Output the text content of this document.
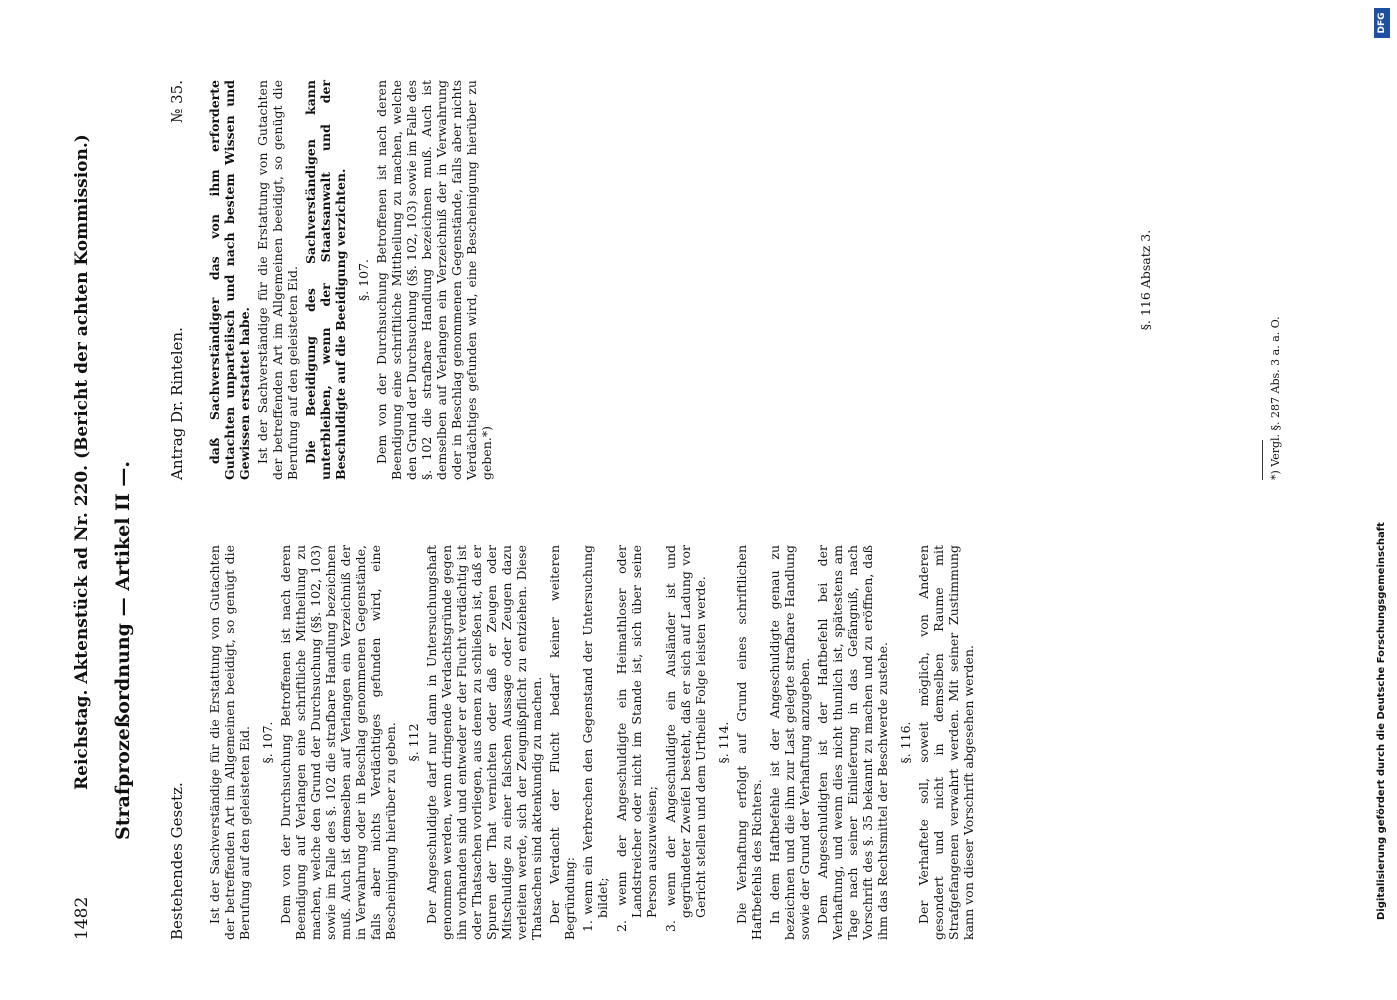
1482
Reichstag. Aktenstück ad Nr. 220. (Bericht der achten Kommission.) Strafprozeßordnung — Artikel II —.

Bestehendes Gesetz. Ist der Sachverständige für die Erstattung von Gutachten der betreffenden Art im Allgemeinen beeidigt, so genügt die Berufung auf den geleisteten Eid. §. 107. Dem von der Durchsuchung Betroffenen ist nach deren Beendigung auf Verlangen eine schriftliche Mittheilung zu machen, welche den Grund der Durchsuchung (§§. 102, 103) sowie im Falle des §. 102 die strafbare Handlung bezeichnen muß. Auch ist demselben auf Verlangen ein Verzeichniß der in Verwahrung oder in Beschlag genommenen Gegenstände, falls aber nichts Verdächtiges gefunden wird, eine Bescheinigung hierüber zu geben. §. 112 Der Angeschuldigte darf nur dann in Untersuchungshaft genommen werden, wenn dringende Verdachtsgründe gegen ihn vorhanden sind und entweder er der Flucht verdächtig ist oder Thatsachen vorliegen, aus denen zu schließen ist, daß er Spuren der That vernichten oder daß er Zeugen oder Mitschuldige zu einer falschen Aussage oder Zeugen dazu verleiten werde, sich der Zeugnißpflicht zu entziehen. Diese Thatsachen sind aktenkundig zu machen. Der Verdacht der Flucht bedarf keiner weiteren Begründung: 1. wenn ein Verbrechen den Gegenstand der Untersuchung bildet; 2. wenn der Angeschuldigte ein Heimathloser oder Landstreicher oder nicht im Stande ist, sich über seine Person auszuweisen; 3. wenn der Angeschuldigte ein Ausländer ist und gegründeter Zweifel besteht, daß er sich auf Ladung vor Gericht stellen und dem Urtheile Folge leisten werde. §. 114. Die Verhaftung erfolgt auf Grund eines schriftlichen Haftbefehls des Richters. In dem Haftbefehle ist der Angeschuldigte genau zu bezeichnen und die ihm zur Last gelegte strafbare Handlung sowie der Grund der Verhaftung anzugeben. Dem Angeschuldigten ist der Haftbefehl bei der Verhaftung, und wenn dies nicht thunlich ist, spätestens am Tage nach seiner Einlieferung in das Gefängniß, nach Vorschrift des §. 35 bekannt zu machen und zu eröffnen, daß ihm das Rechtsmittel der Beschwerde zustehe. §. 116. Der Verhaftete soll, soweit möglich, von Anderen gesondert und nicht in demselben Raume mit Strafgefangenen verwahrt werden. Mit seiner Zustimmung kann von dieser Vorschrift abgesehen werden.

Antrag Dr. Rintelen.
№ 35. daß Sachverständiger das von ihm erforderte Gutachten unparteiisch und nach bestem Wissen und Gewissen erstattet habe. Ist der Sachverständige für die Erstattung von Gutachten der betreffenden Art im Allgemeinen beeidigt, so genügt die Berufung auf den geleisteten Eid. Die Beeidigung des Sachverständigen kann unterbleiben, wenn der Staatsanwalt und der Beschuldigte auf die Beeidigung verzichten. §. 107. Dem von der Durchsuchung Betroffenen ist nach deren Beendigung eine schriftliche Mittheilung zu machen, welche den Grund der Durchsuchung (§§. 102, 103) sowie im Falle des §. 102 die strafbare Handlung bezeichnen muß. Auch ist demselben auf Verlangen ein Verzeichniß der in Verwahrung oder in Beschlag genommenen Gegenstände, falls aber nichts Verdächtiges gefunden wird, eine Bescheinigung hierüber zu geben.*)

§. 116 Absatz 3.

*) Vergl. §. 287 Abs. 3 a. a. O.
Digitalisierung gefördert durch die Deutsche Forschungsgemeinschaft
DFG
